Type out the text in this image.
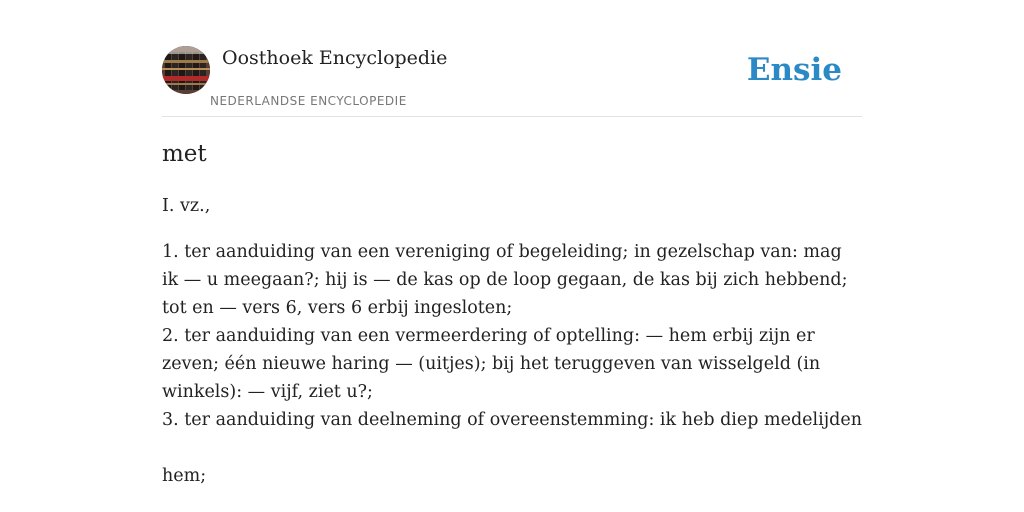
Oosthoek Encyclopedie
NEDERLANDSE ENCYCLOPEDIE
Ensie
met

I. vz.,

1. ter aanduiding van een vereniging of begeleiding; in gezelschap van: mag ik — u meegaan?; hij is — de kas op de loop gegaan, de kas bij zich hebbend; tot en — vers 6, vers 6 erbij ingesloten;
2. ter aanduiding van een vermeerdering of optelling: — hem erbij zijn er zeven; één nieuwe haring — (uitjes); bij het teruggeven van wisselgeld (in winkels): — vijf, ziet u?;
3. ter aanduiding van deelneming of overeenstemming: ik heb diep medelijden

hem;
